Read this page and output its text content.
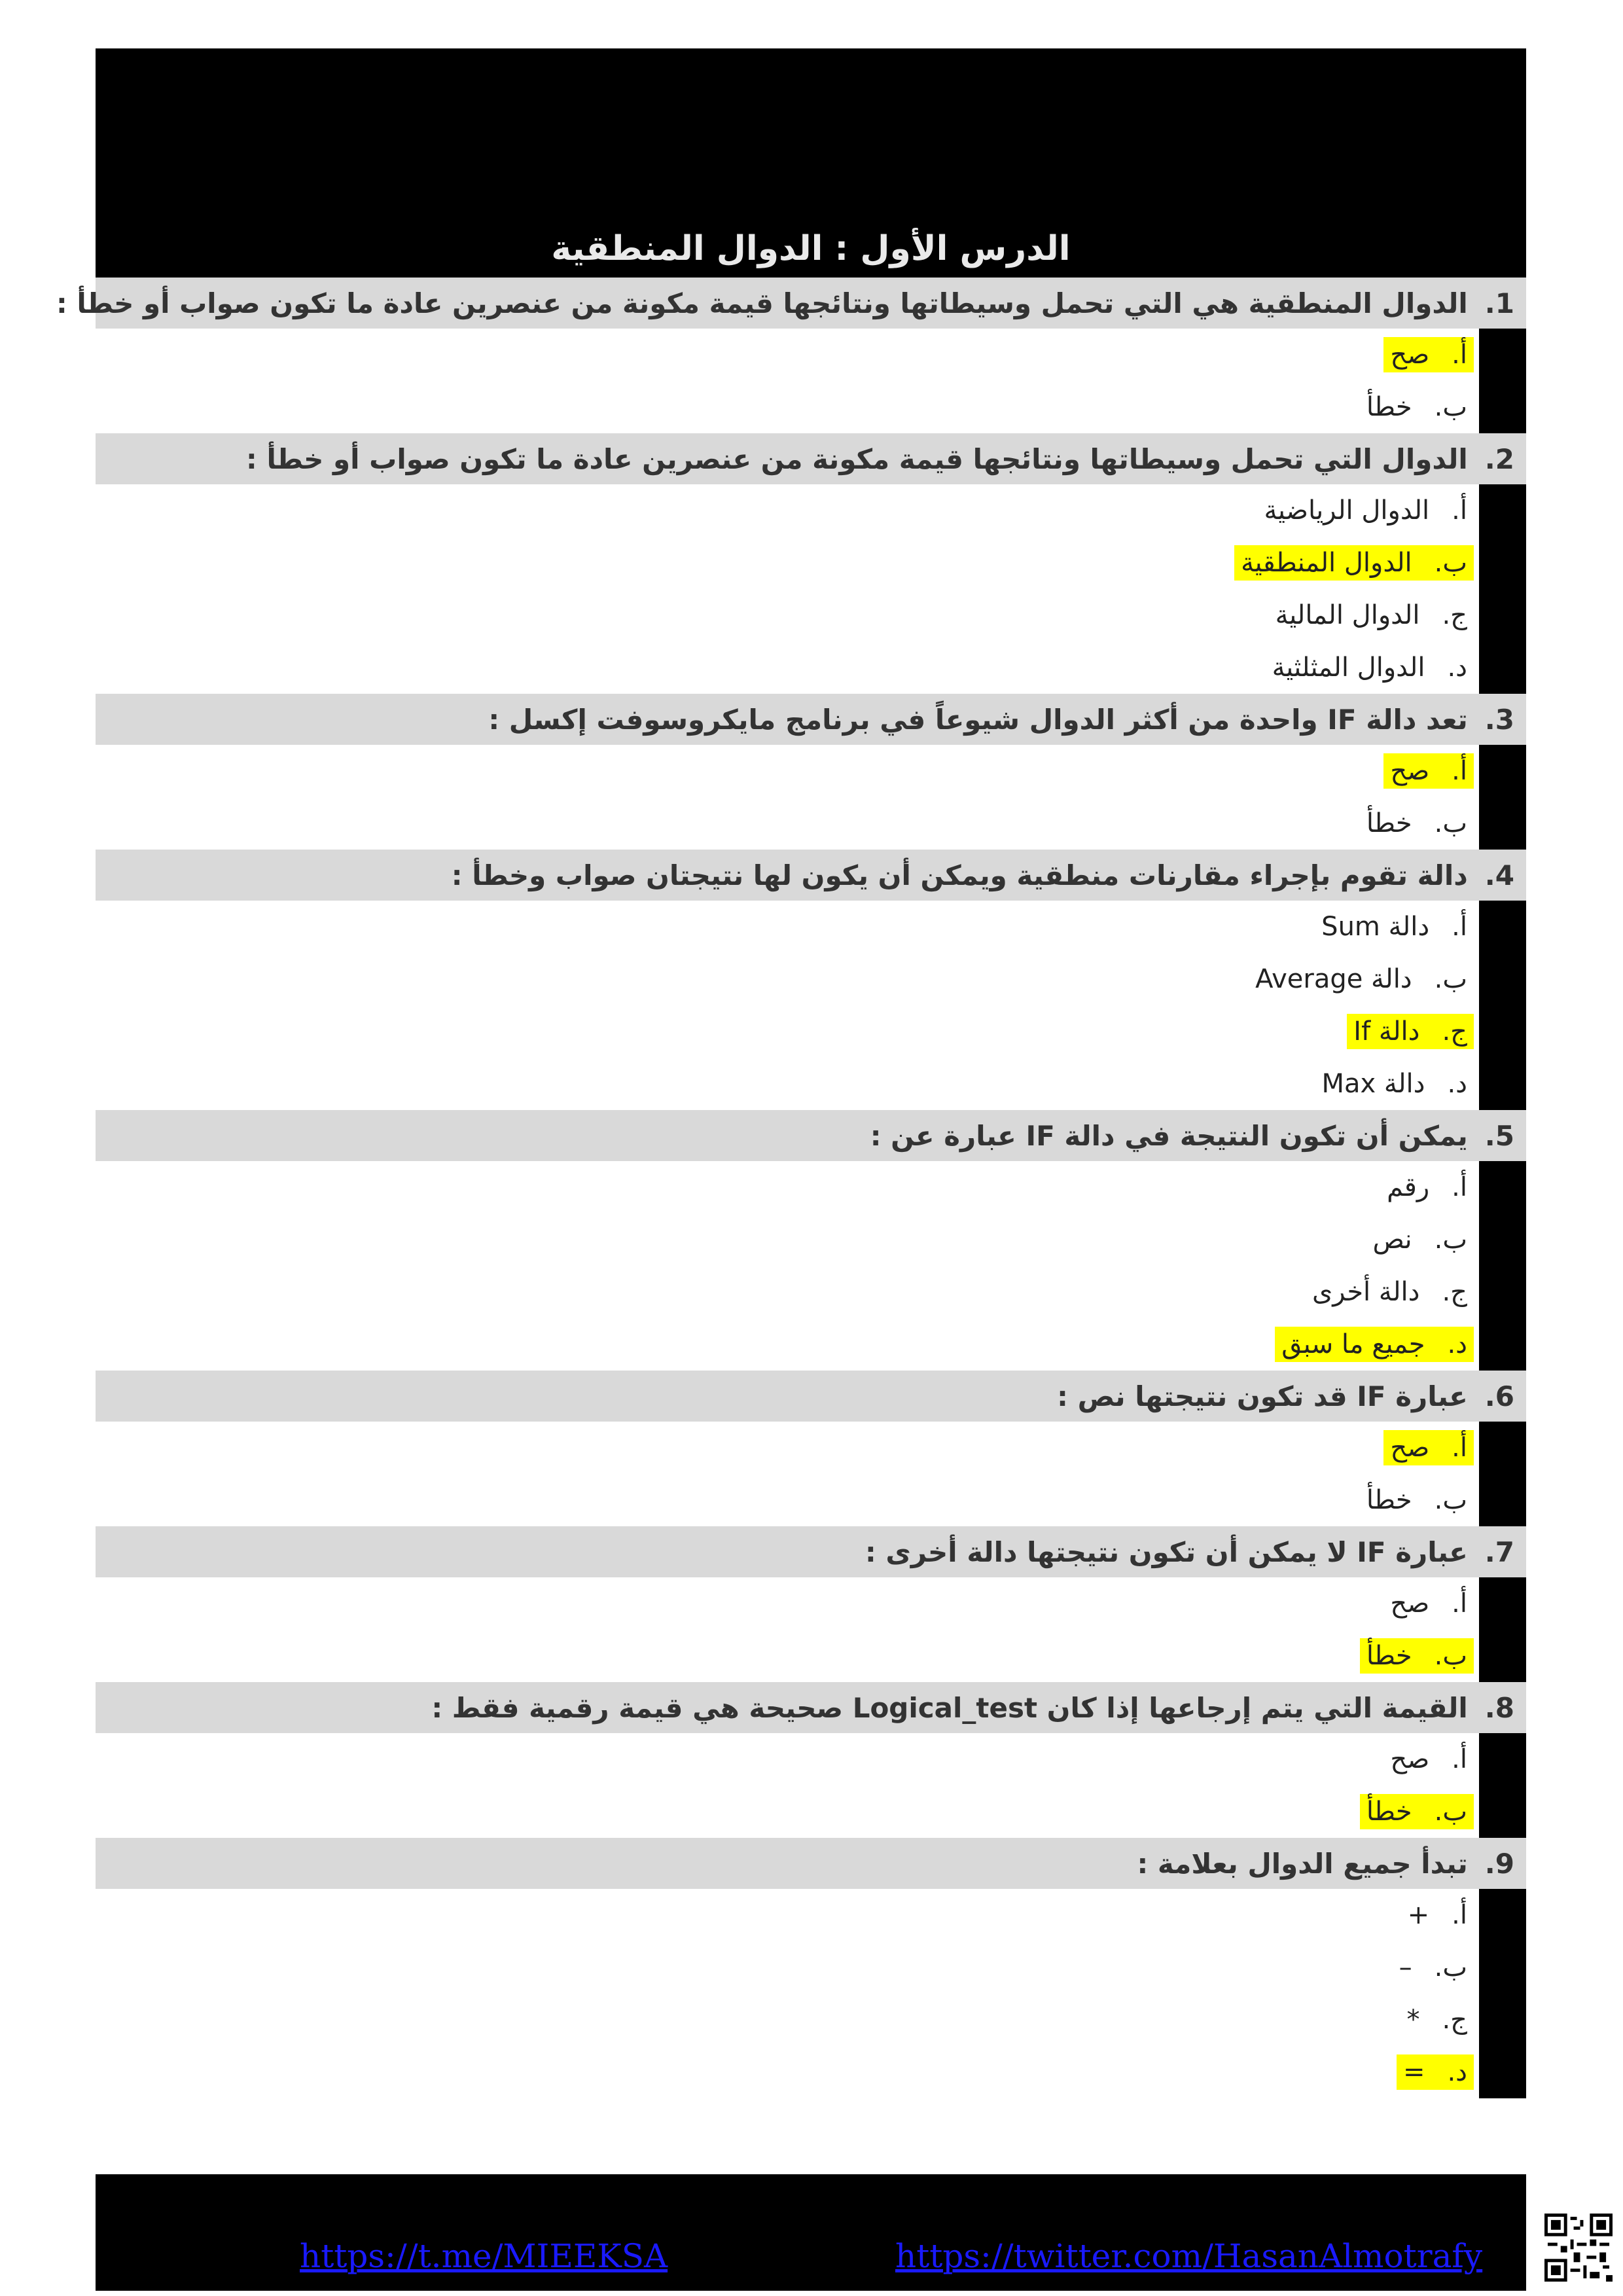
الدرس الأول : الدوال المنطقية
1.
الدوال المنطقية هي التي تحمل وسيطاتها ونتائجها قيمة مكونة من عنصرين عادة ما تكون صواب أو خطأ :
أ.
صح
ب.
خطأ
2.
الدوال التي تحمل وسيطاتها ونتائجها قيمة مكونة من عنصرين عادة ما تكون صواب أو خطأ :
أ.
الدوال الرياضية
ب.
الدوال المنطقية
ج.
الدوال المالية
د.
الدوال المثلثية
3.
تعد دالة IF واحدة من أكثر الدوال شيوعاً في برنامج مايكروسوفت إكسل :
أ.
صح
ب.
خطأ
4.
دالة تقوم بإجراء مقارنات منطقية ويمكن أن يكون لها نتيجتان صواب وخطأ :
أ.
دالة Sum
ب.
دالة Average
ج.
دالة If
د.
دالة Max
5.
يمكن أن تكون النتيجة في دالة IF عبارة عن :
أ.
رقم
ب.
نص
ج.
دالة أخرى
د.
جميع ما سبق
6.
عبارة IF قد تكون نتيجتها نص :
أ.
صح
ب.
خطأ
7.
عبارة IF لا يمكن أن تكون نتيجتها دالة أخرى :
أ.
صح
ب.
خطأ
8.
القيمة التي يتم إرجاعها إذا كان Logical_test صحيحة هي قيمة رقمية فقط :
أ.
صح
ب.
خطأ
9.
تبدأ جميع الدوال بعلامة :
أ.
+
ب.
–
ج.
*
د.
=
https://t.me/MIEEKSA	https://twitter.com/HasanAlmotrafy
